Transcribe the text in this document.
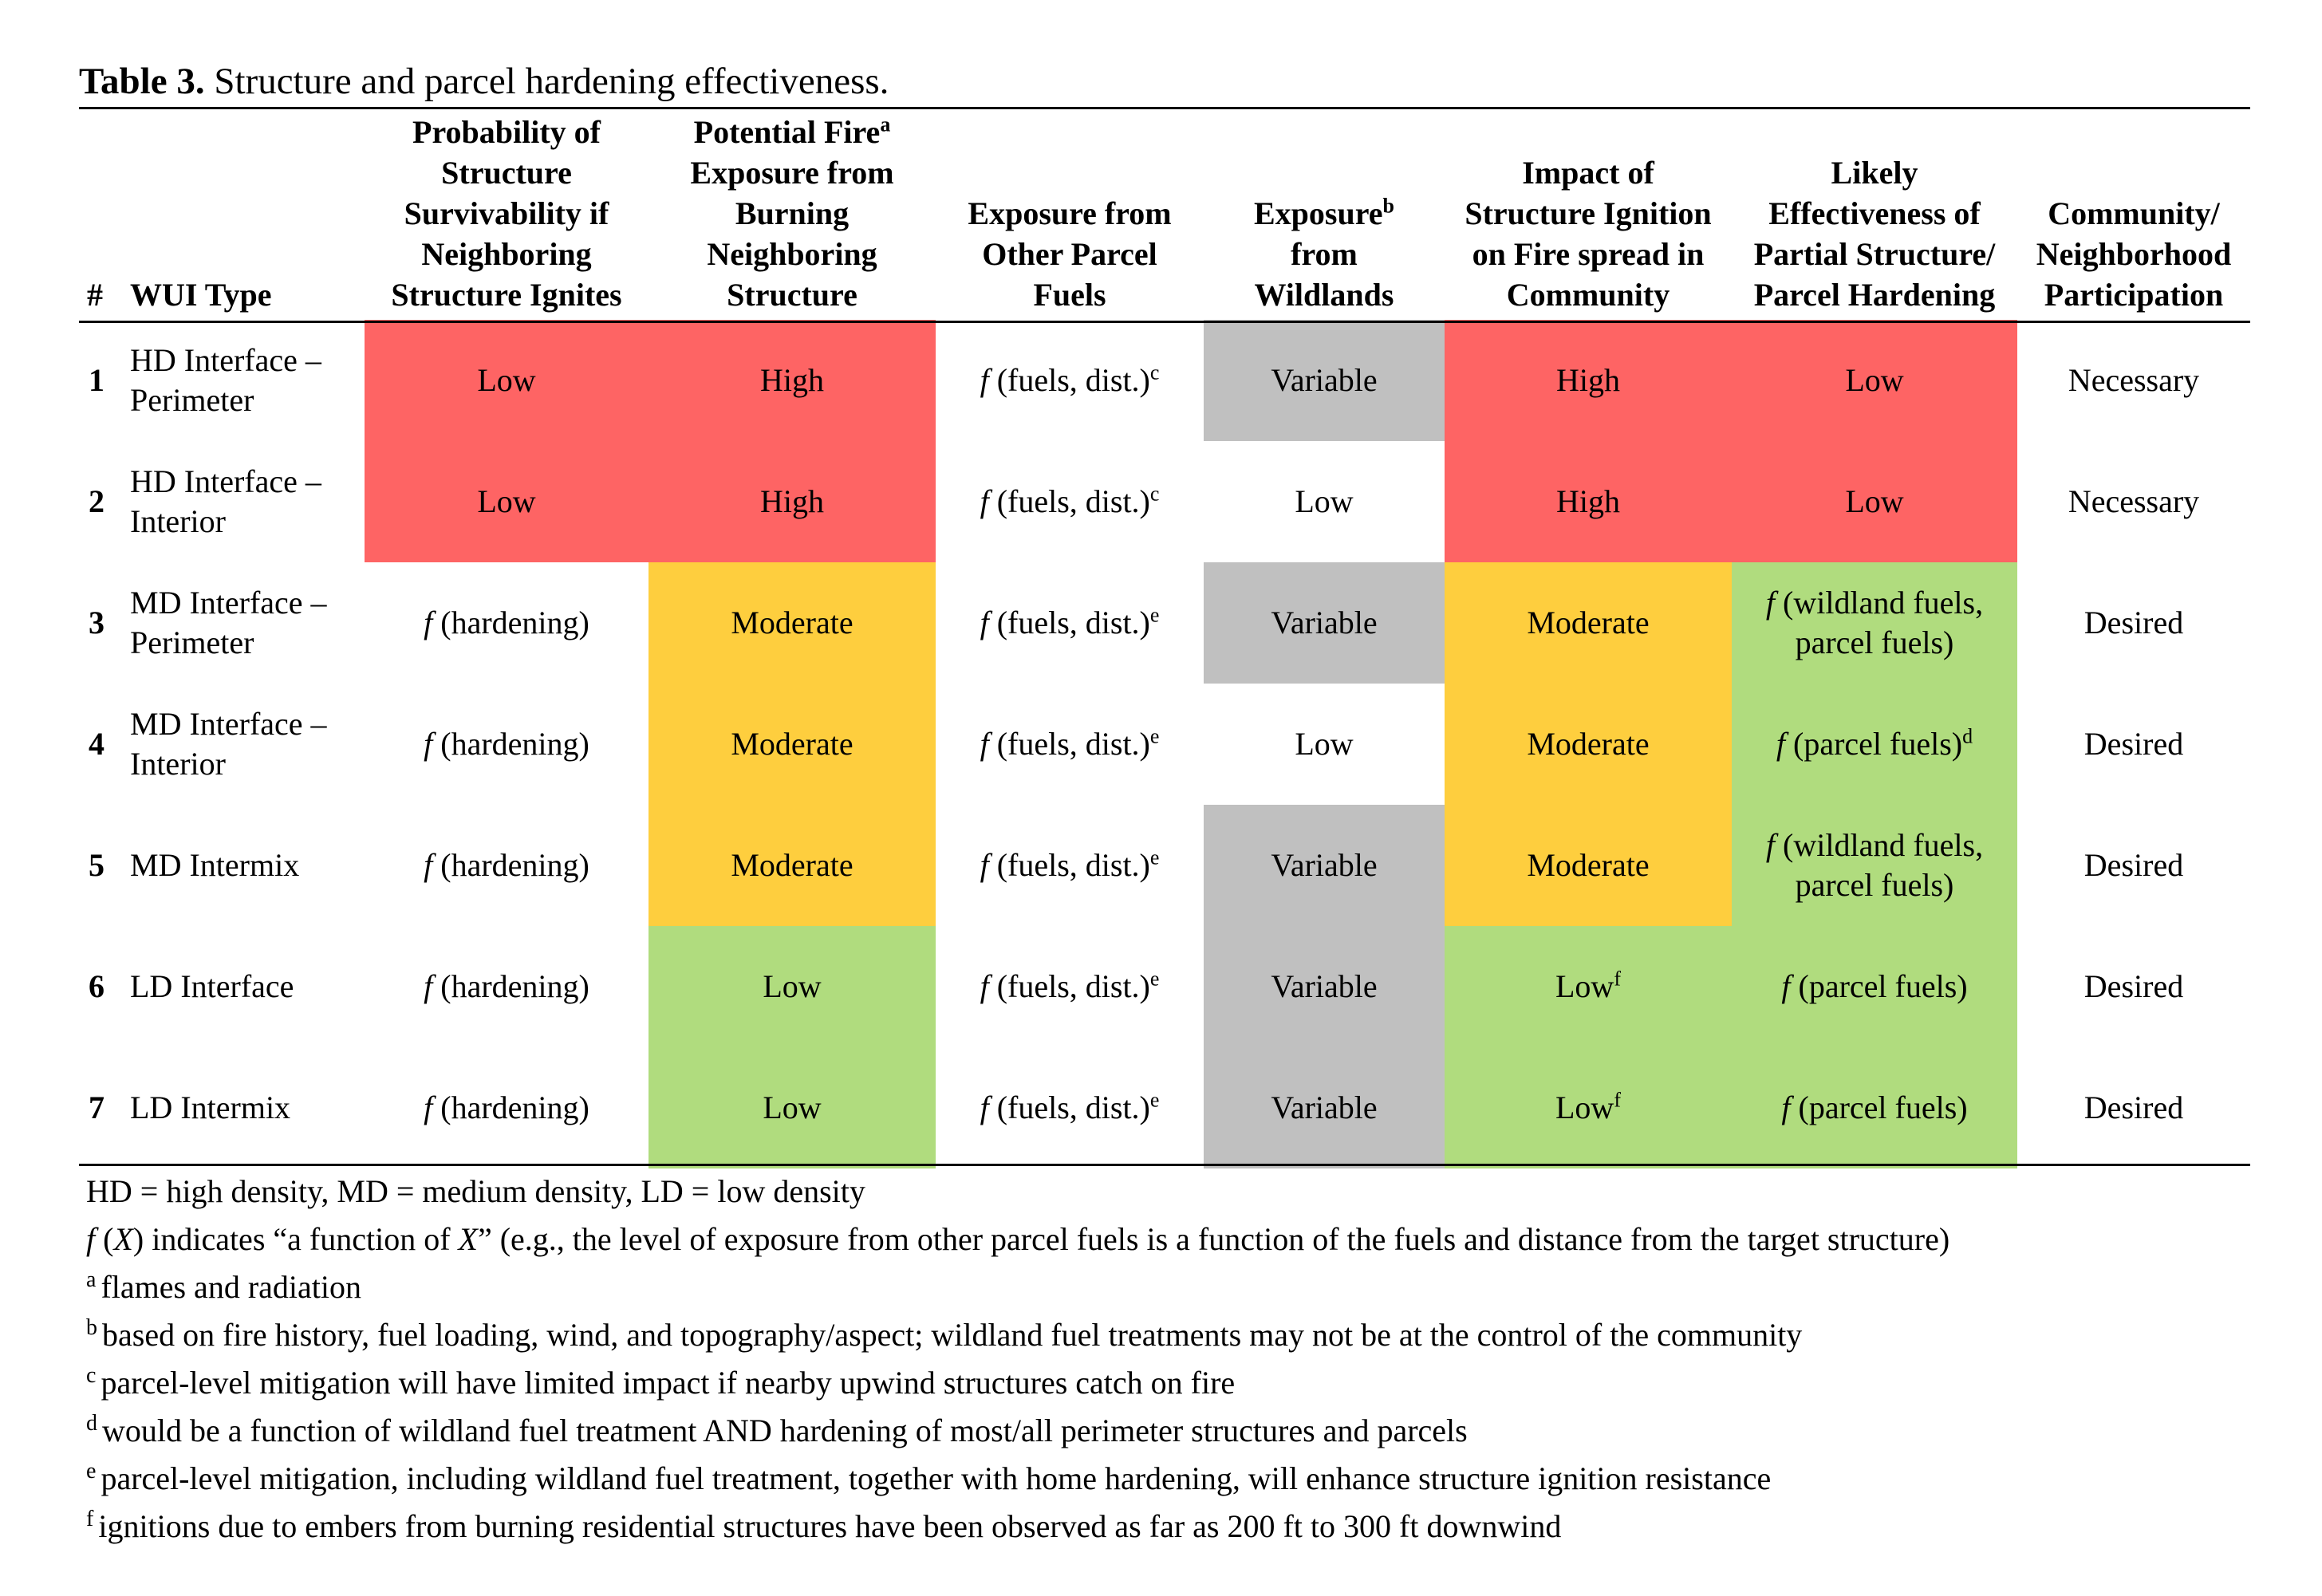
Table 3. Structure and parcel hardening effectiveness.
#	WUI Type	Probability of
Structure
Survivability if
Neighboring
Structure Ignites	Potential Fire$^a$
Exposure from
Burning
Neighboring
Structure	Exposure from
Other Parcel
Fuels	Exposure$^b$
from
Wildlands	Impact of
Structure Ignition
on Fire spread in
Community	Likely
Effectiveness of
Partial Structure/
Parcel Hardening	Community/
Neighborhood
Participation
1	HD Interface –
Perimeter	Low	High	f (fuels, dist.)$^c$	Variable	High	Low	Necessary
2	HD Interface –
Interior	Low	High	f (fuels, dist.)$^c$	Low	High	Low	Necessary
3	MD Interface –
Perimeter	f (hardening)	Moderate	f (fuels, dist.)$^e$	Variable	Moderate	f (wildland fuels,
parcel fuels)	Desired
4	MD Interface –
Interior	f (hardening)	Moderate	f (fuels, dist.)$^e$	Low	Moderate	f (parcel fuels)$^d$	Desired
5	MD Intermix	f (hardening)	Moderate	f (fuels, dist.)$^e$	Variable	Moderate	f (wildland fuels,
parcel fuels)	Desired
6	LD Interface	f (hardening)	Low	f (fuels, dist.)$^e$	Variable	Low$^f$	f (parcel fuels)	Desired
7	LD Intermix	f (hardening)	Low	f (fuels, dist.)$^e$	Variable	Low$^f$	f (parcel fuels)	Desired
HD = high density, MD = medium density, LD = low density
f (X) indicates “a function of X” (e.g., the level of exposure from other parcel fuels is a function of the fuels and distance from the target structure)
$^a$ flames and radiation
$^b$ based on fire history, fuel loading, wind, and topography/aspect; wildland fuel treatments may not be at the control of the community
$^c$ parcel-level mitigation will have limited impact if nearby upwind structures catch on fire
$^d$ would be a function of wildland fuel treatment AND hardening of most/all perimeter structures and parcels
$^e$ parcel-level mitigation, including wildland fuel treatment, together with home hardening, will enhance structure ignition resistance
$^f$ ignitions due to embers from burning residential structures have been observed as far as 200 ft to 300 ft downwind
